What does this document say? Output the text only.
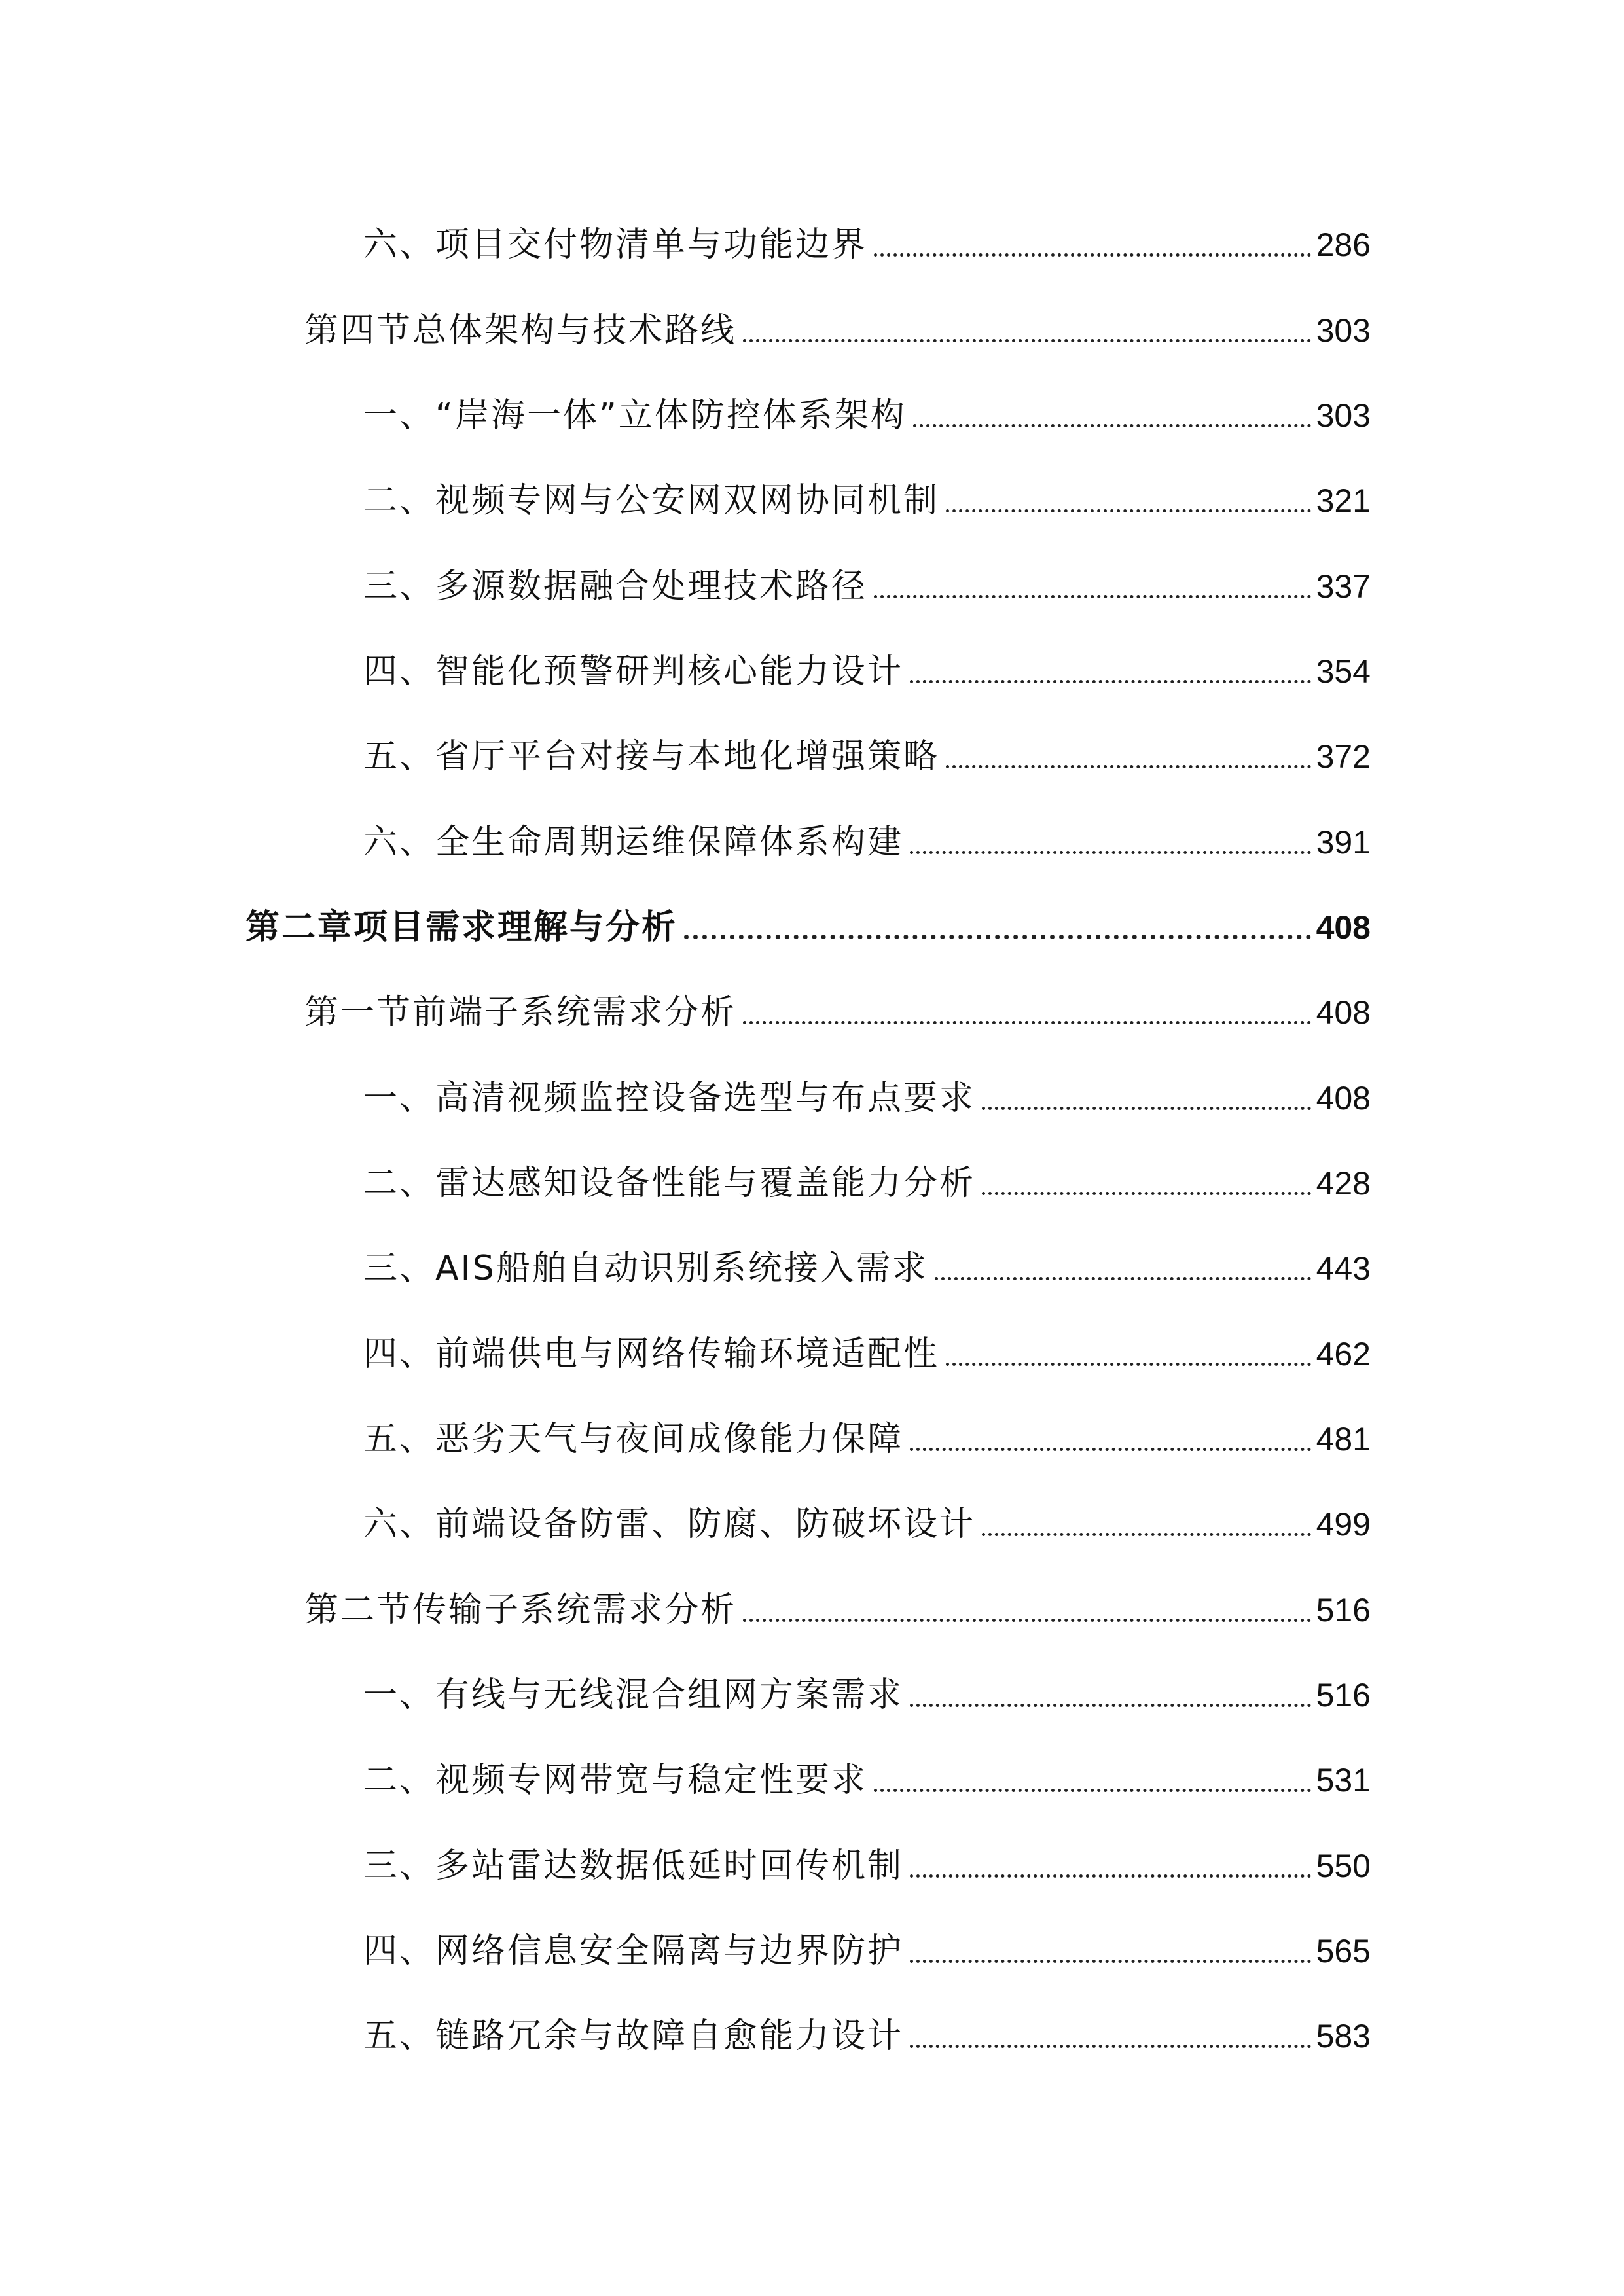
六、项目交付物清单与功能边界	286
第四节总体架构与技术路线	303
一、“岸海一体”立体防控体系架构	303
二、视频专网与公安网双网协同机制	321
三、多源数据融合处理技术路径	337
四、智能化预警研判核心能力设计	354
五、省厅平台对接与本地化增强策略	372
六、全生命周期运维保障体系构建	391
第二章项目需求理解与分析	408
第一节前端子系统需求分析	408
一、高清视频监控设备选型与布点要求	408
二、雷达感知设备性能与覆盖能力分析	428
三、AIS船舶自动识别系统接入需求	443
四、前端供电与网络传输环境适配性	462
五、恶劣天气与夜间成像能力保障	481
六、前端设备防雷、防腐、防破坏设计	499
第二节传输子系统需求分析	516
一、有线与无线混合组网方案需求	516
二、视频专网带宽与稳定性要求	531
三、多站雷达数据低延时回传机制	550
四、网络信息安全隔离与边界防护	565
五、链路冗余与故障自愈能力设计	583
